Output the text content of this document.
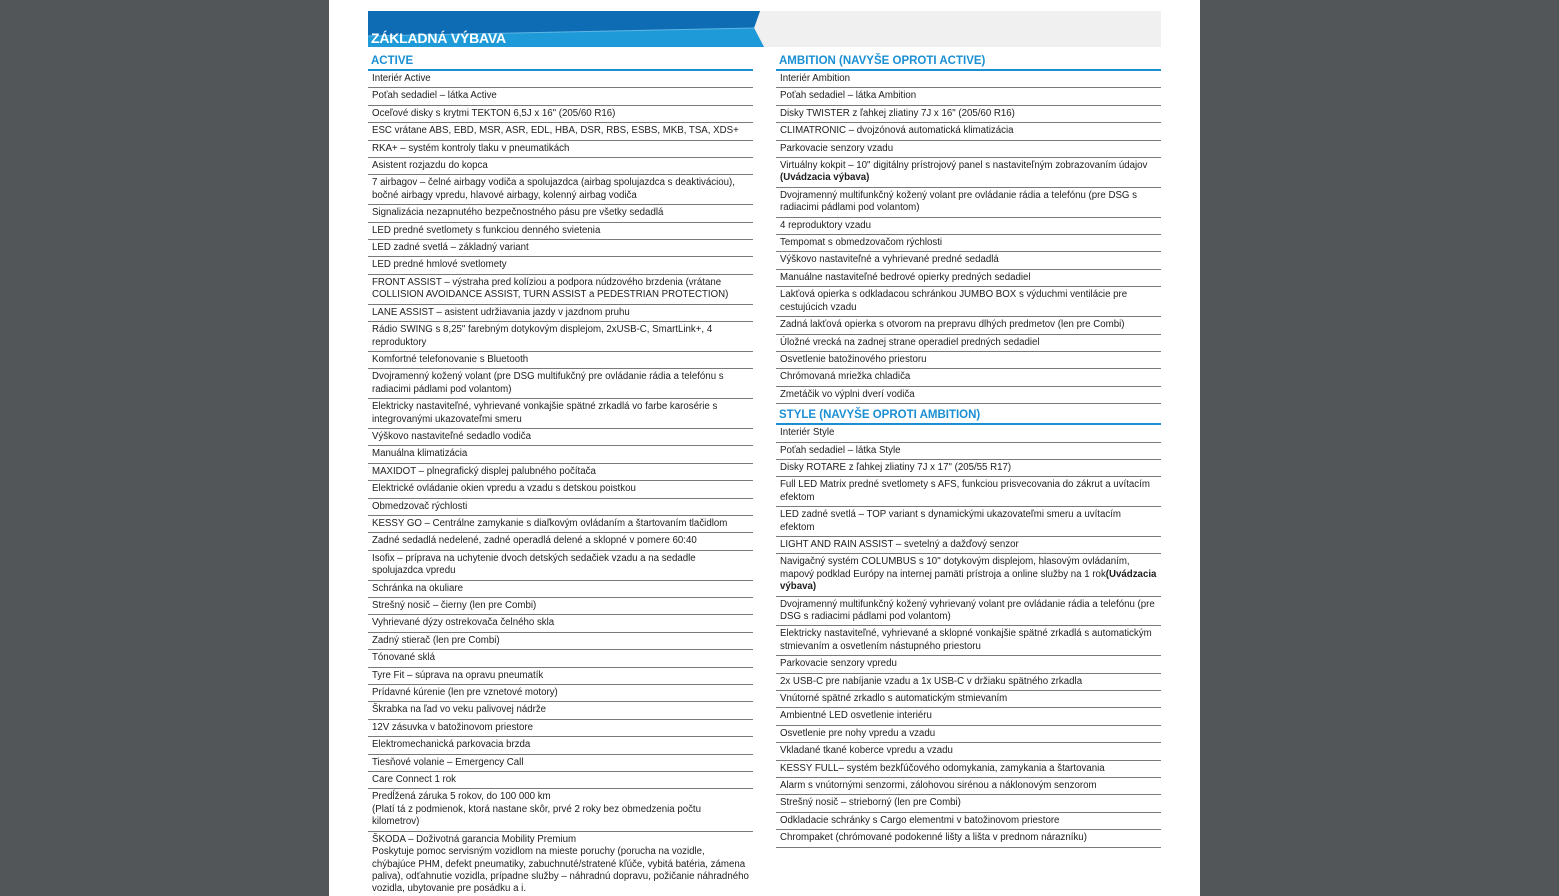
ZÁKLADNÁ VÝBAVA
ACTIVE
Interiér Active
Poťah sedadiel – látka Active
Oceľové disky s krytmi TEKTON 6,5J x 16" (205/60 R16)
ESC vrátane ABS, EBD, MSR, ASR, EDL, HBA, DSR, RBS, ESBS, MKB, TSA, XDS+
RKA+ – systém kontroly tlaku v pneumatikách
Asistent rozjazdu do kopca
7 airbagov – čelné airbagy vodiča a spolujazdca (airbag spolujazdca s deaktiváciou), bočné airbagy vpredu, hlavové airbagy, kolenný airbag vodiča
Signalizácia nezapnutého bezpečnostného pásu pre všetky sedadlá
LED predné svetlomety s funkciou denného svietenia
LED zadné svetlá – základný variant
LED predné hmlové svetlomety
FRONT ASSIST – výstraha pred kolíziou a podpora núdzového brzdenia (vrátane COLLISION AVOIDANCE ASSIST, TURN ASSIST a PEDESTRIAN PROTECTION)
LANE ASSIST – asistent udržiavania jazdy v jazdnom pruhu
Rádio SWING s 8,25" farebným dotykovým displejom, 2xUSB-C, SmartLink+, 4 reproduktory
Komfortné telefonovanie s Bluetooth
Dvojramenný kožený volant (pre DSG multifukčný pre ovládanie rádia a telefónu s radiacimi pádlami pod volantom)
Elektricky nastaviteľné, vyhrievané vonkajšie spätné zrkadlá vo farbe karosérie s integrovanými ukazovateľmi smeru
Výškovo nastaviteľné sedadlo vodiča
Manuálna klimatizácia
MAXIDOT – plnegrafický displej palubného počítača
Elektrické ovládanie okien vpredu a vzadu s detskou poistkou
Obmedzovač rýchlosti
KESSY GO – Centrálne zamykanie s diaľkovým ovládaním a štartovaním tlačidlom
Zadné sedadlá nedelené, zadné operadlá delené a sklopné v pomere 60:40
Isofix – príprava na uchytenie dvoch detských sedačiek vzadu a na sedadle spolujazdca vpredu
Schránka na okuliare
Strešný nosič – čierny (len pre Combi)
Vyhrievané dýzy ostrekovača čelného skla
Zadný stierač (len pre Combi)
Tónované sklá
Tyre Fit – súprava na opravu pneumatík
Prídavné kúrenie (len pre vznetové motory)
Škrabka na ľad vo veku palivovej nádrže
12V zásuvka v batožinovom priestore
Elektromechanická parkovacia brzda
Tiesňové volanie – Emergency Call
Care Connect 1 rok
Predĺžená záruka 5 rokov, do 100 000 km
(Platí tá z podmienok, ktorá nastane skôr, prvé 2 roky bez obmedzenia počtu kilometrov)
ŠKODA – Doživotná garancia Mobility Premium
Poskytuje pomoc servisným vozidlom na mieste poruchy (porucha na vozidle, chýbajúce PHM, defekt pneumatiky, zabuchnuté/stratené kľúče, vybitá batéria, zámena paliva), odťahnutie vozidla, prípadne služby – náhradnú dopravu, požičanie náhradného vozidla, ubytovanie pre posádku a i.
AMBITION (NAVYŠE OPROTI ACTIVE)
Interiér Ambition
Poťah sedadiel – látka Ambition
Disky TWISTER z ľahkej zliatiny 7J x 16" (205/60 R16)
CLIMATRONIC – dvojzónová automatická klimatizácia
Parkovacie senzory vzadu
Virtuálny kokpit – 10" digitálny prístrojový panel s nastaviteľným zobrazovaním údajov (Uvádzacia výbava)
Dvojramenný multifunkčný kožený volant pre ovládanie rádia a telefónu (pre DSG s radiacimi pádlami pod volantom)
4 reproduktory vzadu
Tempomat s obmedzovačom rýchlosti
Výškovo nastaviteľné a vyhrievané predné sedadlá
Manuálne nastaviteľné bedrové opierky predných sedadiel
Lakťová opierka s odkladacou schránkou JUMBO BOX s výduchmi ventilácie pre cestujúcich vzadu
Zadná lakťová opierka s otvorom na prepravu dlhých predmetov (len pre Combi)
Úložné vrecká na zadnej strane operadiel predných sedadiel
Osvetlenie batožinového priestoru
Chrómovaná mriežka chladiča
Zmetáčik vo výplni dverí vodiča
STYLE (NAVYŠE OPROTI AMBITION)
Interiér Style
Poťah sedadiel – látka Style
Disky ROTARE z ľahkej zliatiny 7J x 17" (205/55 R17)
Full LED Matrix predné svetlomety s AFS, funkciou prisvecovania do zákrut a uvítacím efektom
LED zadné svetlá – TOP variant s dynamickými ukazovateľmi smeru a uvítacím efektom
LIGHT AND RAIN ASSIST – svetelný a dažďový senzor
Navigačný systém COLUMBUS s 10" dotykovým displejom, hlasovým ovládaním, mapový podklad Európy na internej pamäti prístroja a online služby na 1 rok(Uvádzacia výbava)
Dvojramenný multifunkčný kožený vyhrievaný volant pre ovládanie rádia a telefónu (pre DSG s radiacimi pádlami pod volantom)
Elektricky nastaviteľné, vyhrievané a sklopné vonkajšie spätné zrkadlá s automatickým stmievaním a osvetlením nástupného priestoru
Parkovacie senzory vpredu
2x USB-C pre nabíjanie vzadu a 1x USB-C v držiaku spätného zrkadla
Vnútorné spätné zrkadlo s automatickým stmievaním
Ambientné LED osvetlenie interiéru
Osvetlenie pre nohy vpredu a vzadu
Vkladané tkané koberce vpredu a vzadu
KESSY FULL– systém bezkľúčového odomykania, zamykania a štartovania
Alarm s vnútornými senzormi, zálohovou sirénou a náklonovým senzorom
Strešný nosič – strieborný (len pre Combi)
Odkladacie schránky s Cargo elementmi v batožinovom priestore
Chrompaket (chrómované podokenné lišty a lišta v prednom nárazníku)
